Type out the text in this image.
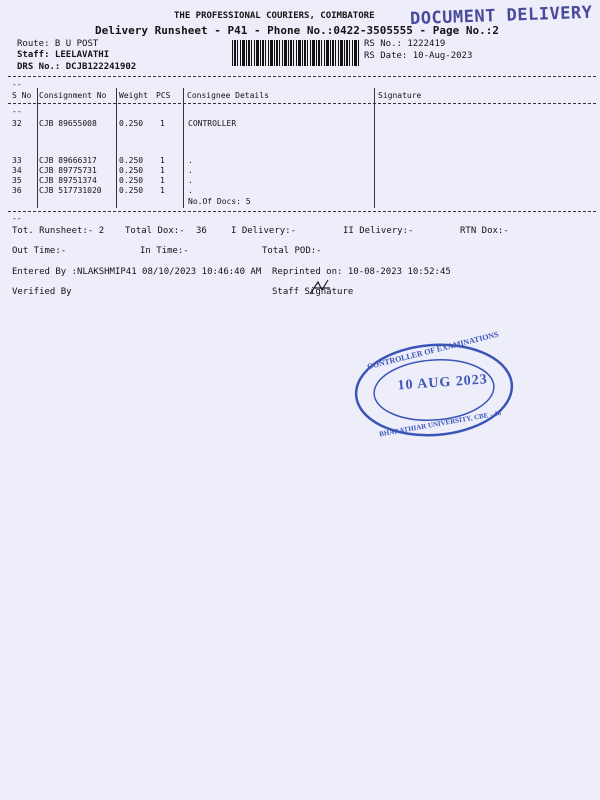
THE PROFESSIONAL COURIERS, COIMBATORE DOCUMENT DELIVERY
Delivery Runsheet - P41 - Phone No.:0422-3505555 - Page No.:2
Route: B U POST
Staff: LEELAVATHI
DRS No.: DCJB122241902
RS No.: 1222419
RS Date: 10-Aug-2023
--
S No Consignment No Weight PCS Consignee Details	Signature
--
32 CJB 89655008	0.250 1	CONTROLLER
33 CJB 89666317	0.250 1	.
34 CJB 89775731	0.250 1	.
35 CJB 89751374	0.250 1	.
36 CJB 517731020 0.250 1	.
No.Of Docs: 5
--
Tot. Runsheet:- 2 Total Dox:- 36	I Delivery:-	II Delivery:-	RTN Dox:-
Out Time:-	In Time:-	Total POD:-
Entered By :NLAKSHMIP41 08/10/2023 10:46:40 AM Reprinted on: 10-08-2023 10:52:45
Verified By	Staff Signature
CONTROLLER OF EXAMINATIONS
10 AUG 2023
BHARATHIAR UNIVERSITY, CBE - 46
